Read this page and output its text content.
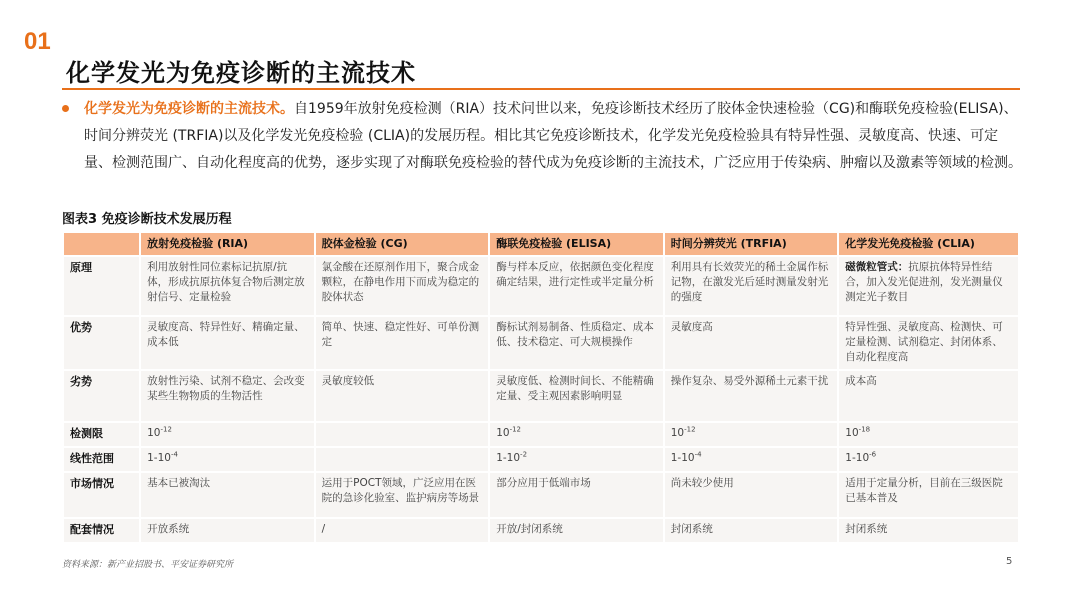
01
化学发光为免疫诊断的主流技术
化学发光为免疫诊断的主流技术。自1959年放射免疫检测（RIA）技术问世以来，免疫诊断技术经历了胶体金快速检验（CG)和酶联免疫检验(ELISA)、时间分辨荧光 (TRFIA)以及化学发光免疫检验 (CLIA)的发展历程。相比其它免疫诊断技术，化学发光免疫检验具有特异性强、灵敏度高、快速、可定量、检测范围广、自动化程度高的优势，逐步实现了对酶联免疫检验的替代成为免疫诊断的主流技术，广泛应用于传染病、肿瘤以及激素等领域的检测。
图表3 免疫诊断技术发展历程
	放射免疫检验 (RIA)	胶体金检验 (CG)	酶联免疫检验 (ELISA)	时间分辨荧光 (TRFIA)	化学发光免疫检验 (CLIA)
原理	利用放射性同位素标记抗原/抗体，形成抗原抗体复合物后测定放射信号、定量检验	氯金酸在还原剂作用下，聚合成金颗粒，在静电作用下而成为稳定的胶体状态	酶与样本反应，依据颜色变化程度确定结果，进行定性或半定量分析	利用具有长效荧光的稀土金属作标记物，在激发光后延时测量发射光的强度	磁微粒管式：抗原抗体特异性结合，加入发光促进剂，发光测量仪测定光子数目
优势	灵敏度高、特异性好、精确定量、成本低	简单、快速、稳定性好、可单份测定	酶标试剂易制备、性质稳定、成本低、技术稳定、可大规模操作	灵敏度高	特异性强、灵敏度高、检测快、可定量检测、试剂稳定、封闭体系、自动化程度高
劣势	放射性污染、试剂不稳定、会改变某些生物物质的生物活性	灵敏度较低	灵敏度低、检测时间长、不能精确定量、受主观因素影响明显	操作复杂、易受外源稀土元素干扰	成本高
检测限	$10^{-12}$		$10^{-12}$	$10^{-12}$	$10^{-18}$
线性范围	$1-10^{-4}$		$1-10^{-2}$	$1-10^{-4}$	$1-10^{-6}$
市场情况	基本已被淘汰	运用于POCT领域，广泛应用在医院的急诊化验室、监护病房等场景	部分应用于低端市场	尚未较少使用	适用于定量分析，目前在三级医院已基本普及
配套情况	开放系统	/	开放/封闭系统	封闭系统	封闭系统
资料来源：新产业招股书、平安证券研究所	5
